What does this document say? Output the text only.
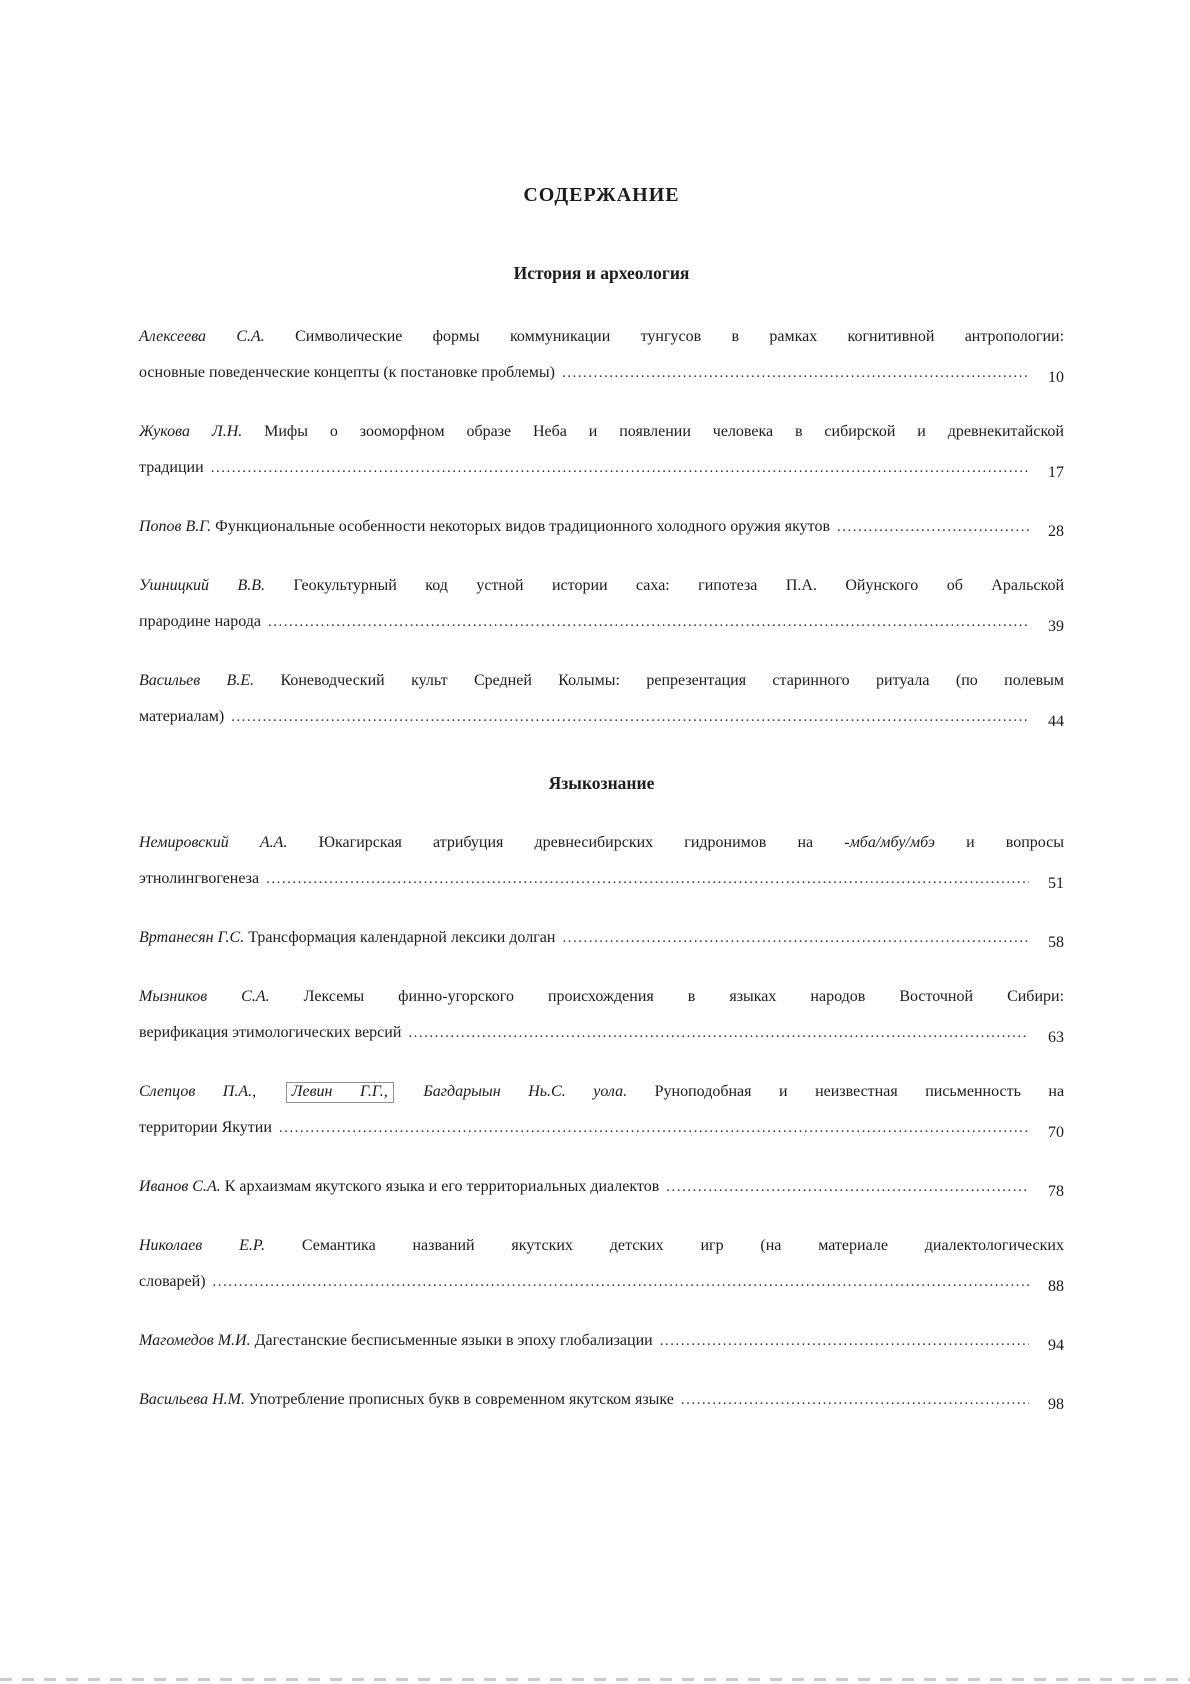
СОДЕРЖАНИЕ
История и археология
Алексеева С.А. Символические формы коммуникации тунгусов в рамках когнитивной антропологии:
основные поведенческие концепты (к постановке проблемы) .....	10
Жукова Л.Н. Мифы о зооморфном образе Неба и появлении человека в сибирской и древнекитайской
традиции .....	17
Попов В.Г. Функциональные особенности некоторых видов традиционного холодного оружия якутов .....	28
Ушницкий В.В. Геокультурный код устной истории саха: гипотеза П.А. Ойунского об Аральской
прародине народа .....	39
Васильев В.Е. Коневодческий культ Средней Колымы: репрезентация старинного ритуала (по полевым
материалам) .....	44
Языкознание
Немировский А.А. Юкагирская атрибуция древнесибирских гидронимов на -мба/мбу/мбэ и вопросы
этнолингвогенеза .....	51
Вртанесян Г.С. Трансформация календарной лексики долган .....	58
Мызников С.А. Лексемы финно-угорского происхождения в языках народов Восточной Сибири:
верификация этимологических версий .....	63
Слепцов П.А., Левин Г.Г., Багдарыын Нь.С. уола. Руноподобная и неизвестная письменность на
территории Якутии .....	70
Иванов С.А. К архаизмам якутского языка и его территориальных диалектов .....	78
Николаев Е.Р. Семантика названий якутских детских игр (на материале диалектологических
словарей) .....	88
Магомедов М.И. Дагестанские бесписьменные языки в эпоху глобализации .....	94
Васильева Н.М. Употребление прописных букв в современном якутском языке .....	98
